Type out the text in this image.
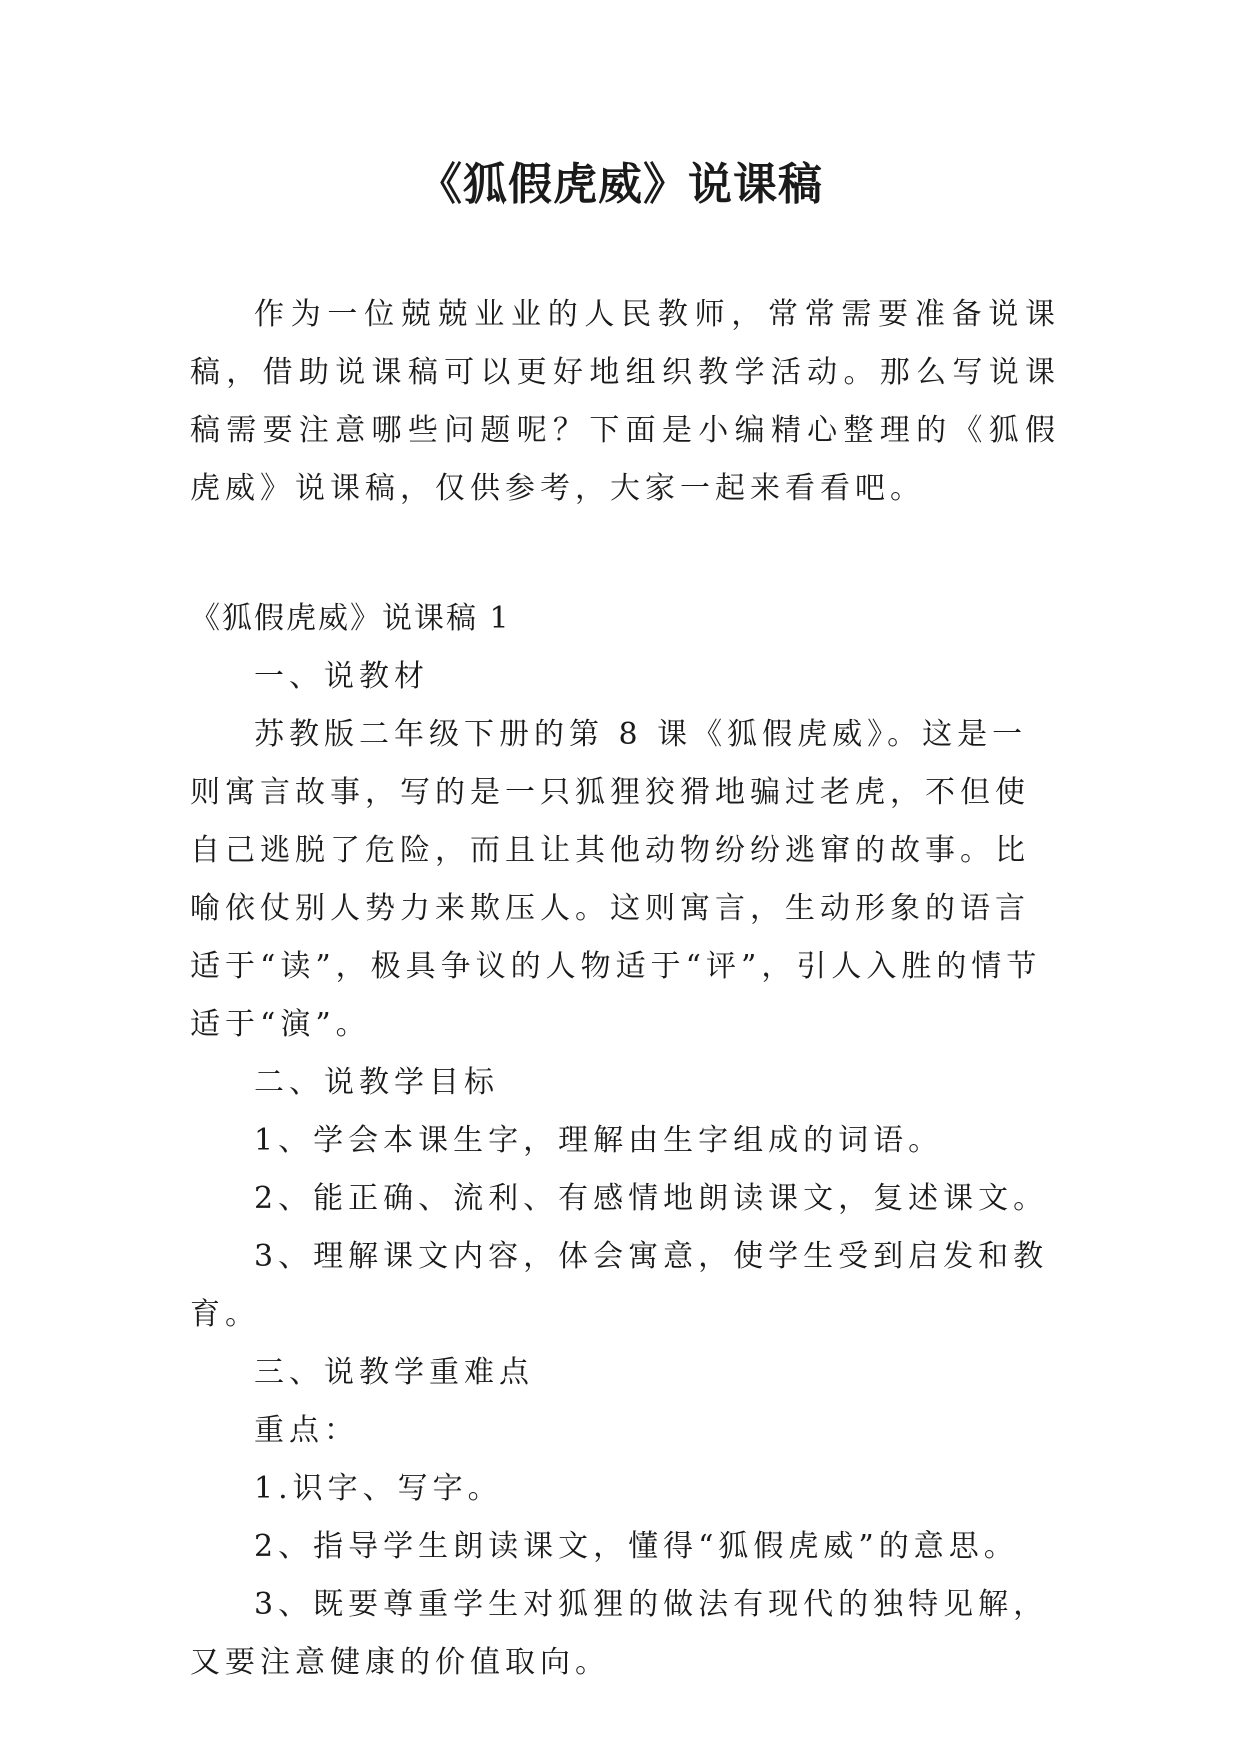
《狐假虎威》说课稿

作为一位兢兢业业的人民教师，常常需要准备说课稿，借助说课稿可以更好地组织教学活动。那么写说课稿需要注意哪些问题呢？下面是小编精心整理的《狐假虎威》说课稿，仅供参考，大家一起来看看吧。

《狐假虎威》说课稿 1

一、说教材

苏教版二年级下册的第 8 课《狐假虎威》。这是一则寓言故事，写的是一只狐狸狡猾地骗过老虎，不但使自己逃脱了危险，而且让其他动物纷纷逃窜的故事。比喻依仗别人势力来欺压人。这则寓言，生动形象的语言适于“读”，极具争议的人物适于“评”，引人入胜的情节适于“演”。

二、说教学目标

1、学会本课生字，理解由生字组成的词语。

2、能正确、流利、有感情地朗读课文，复述课文。

3、理解课文内容，体会寓意，使学生受到启发和教育。

三、说教学重难点

重点：

1.识字、写字。

2、指导学生朗读课文，懂得“狐假虎威”的意思。

3、既要尊重学生对狐狸的做法有现代的独特见解，又要注意健康的价值取向。
